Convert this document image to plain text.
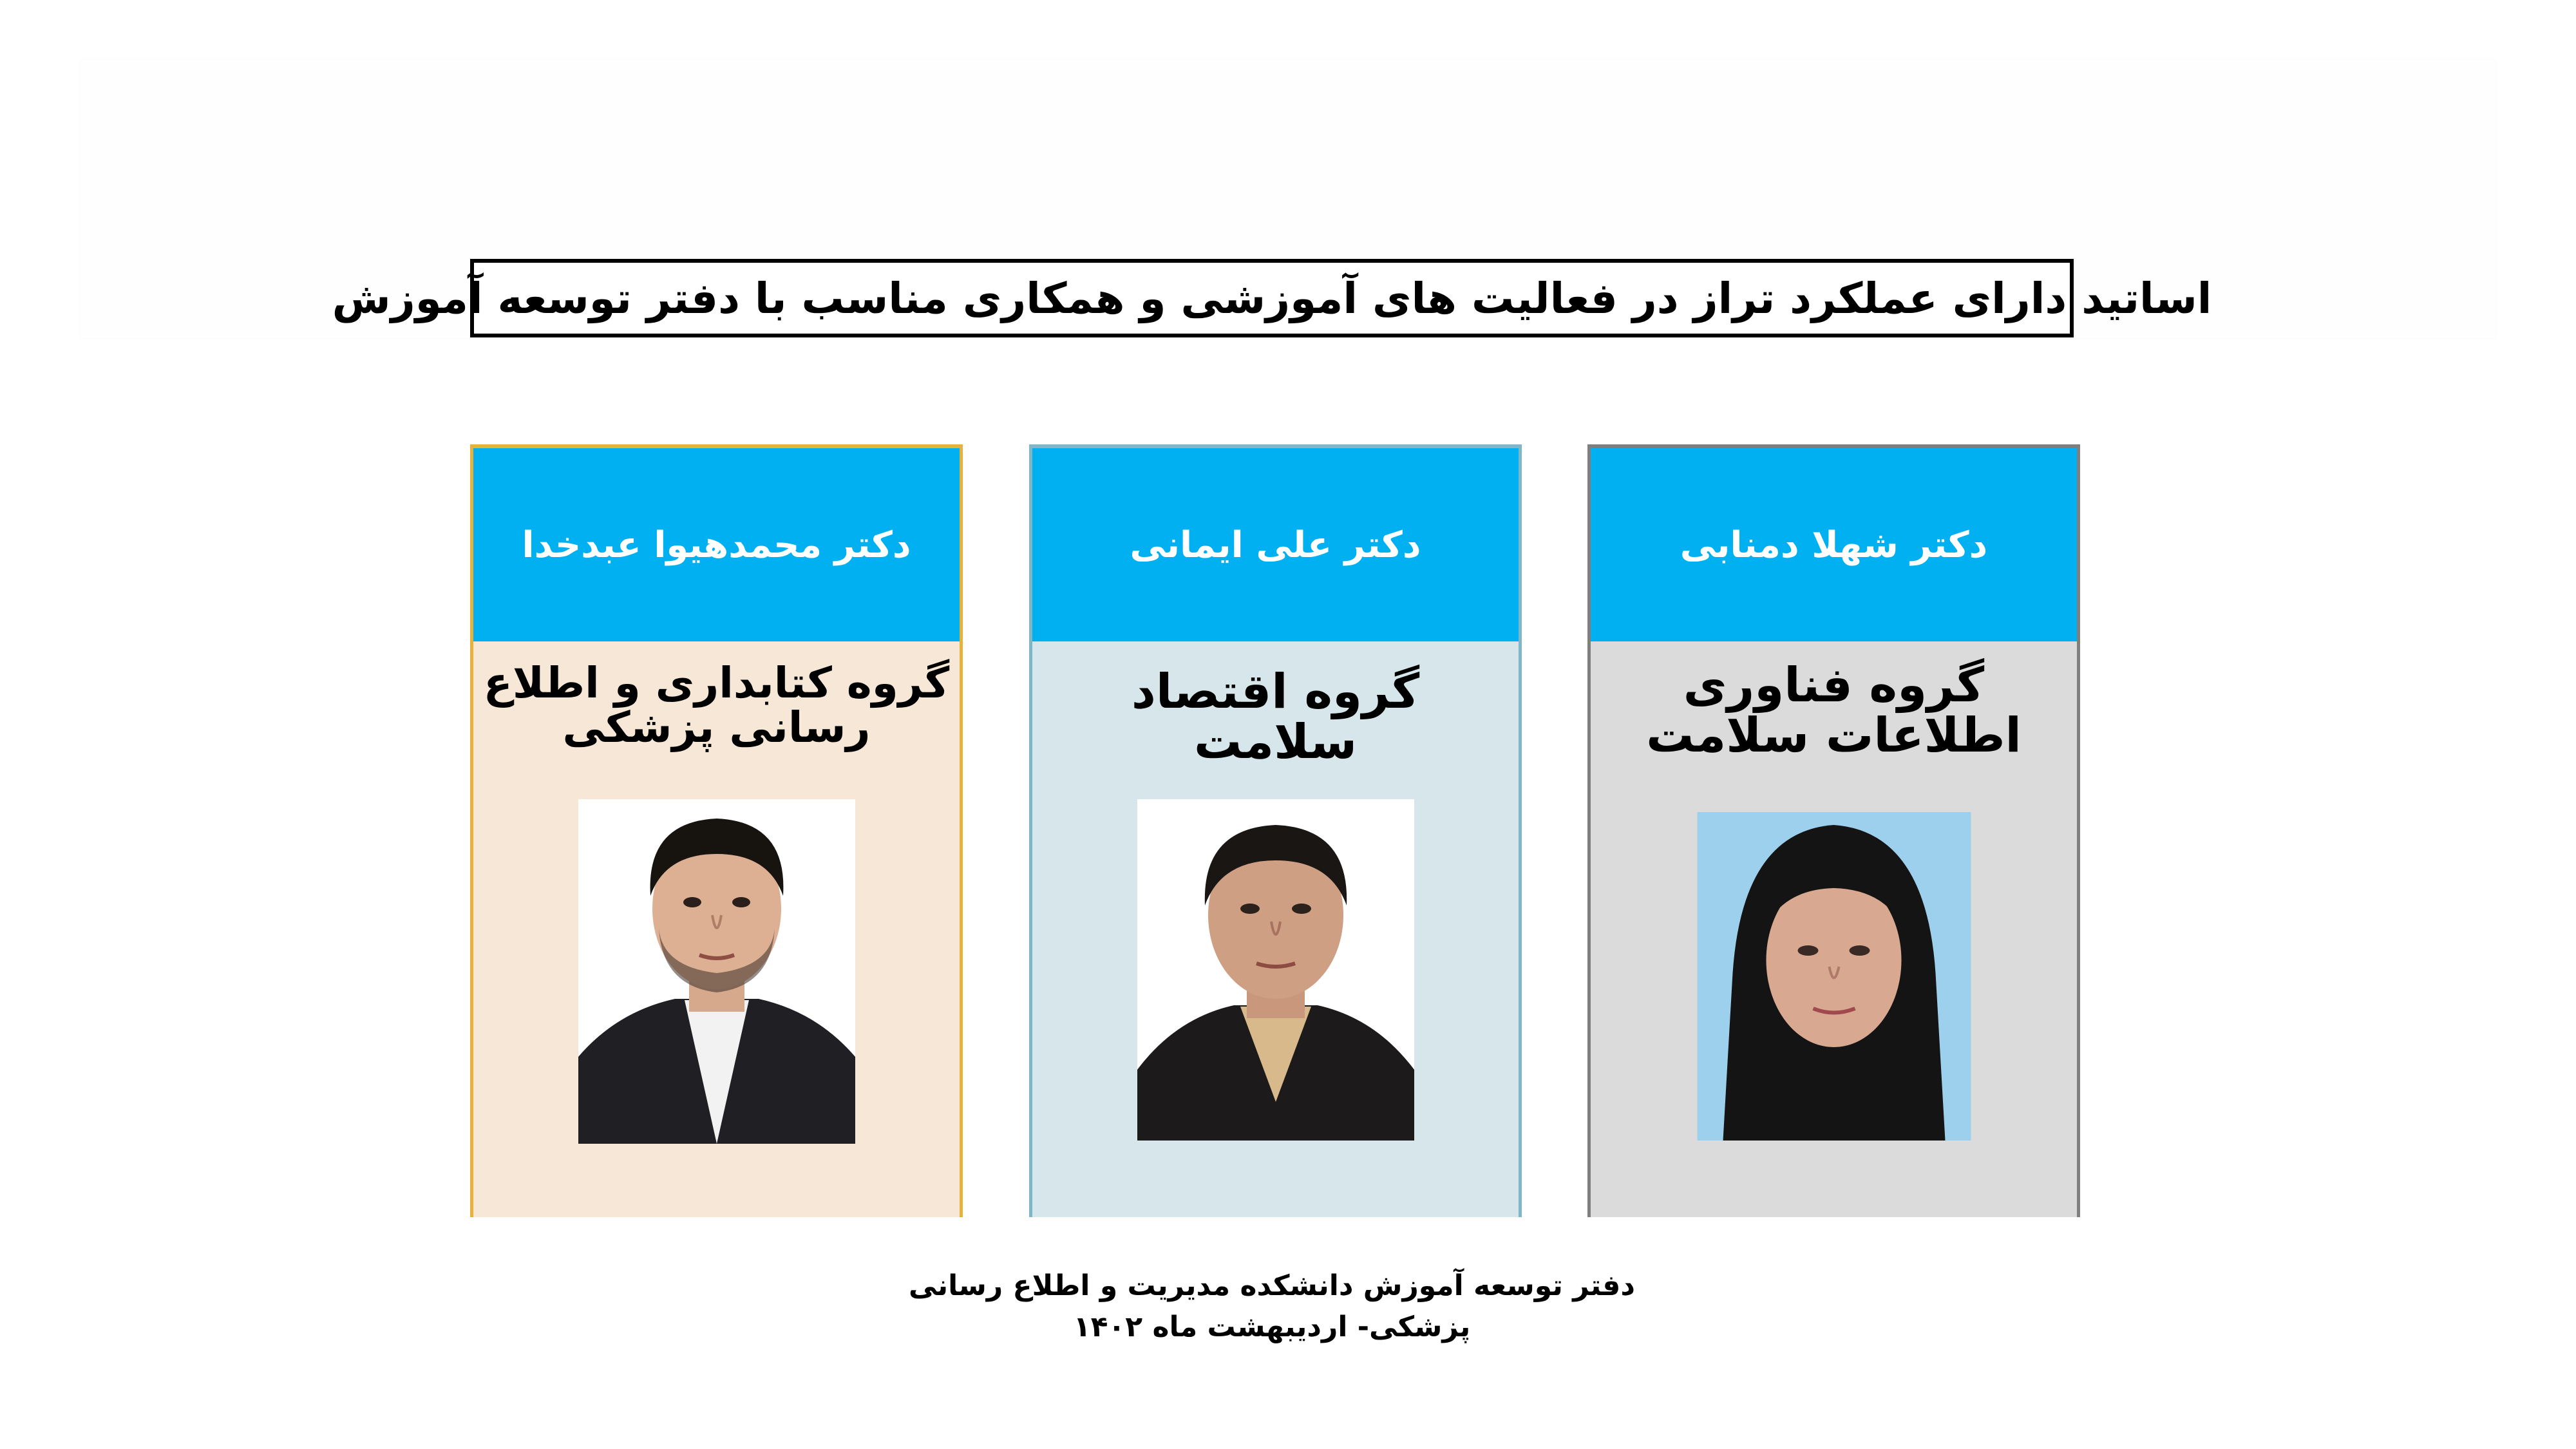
اساتید دارای عملکرد تراز در فعالیت های آموزشی و همکاری مناسب با دفتر توسعه آموزش
دکتر شهلا دمنابی
گروه فناوری
اطلاعات سلامت
دکتر علی ایمانی
گروه اقتصاد
سلامت
دکتر محمدهیوا عبدخدا
گروه کتابداری و اطلاع
رسانی پزشکی
دفتر توسعه آموزش دانشکده مدیریت و اطلاع رسانی
پزشکی- اردیبهشت ماه ۱۴۰۲
